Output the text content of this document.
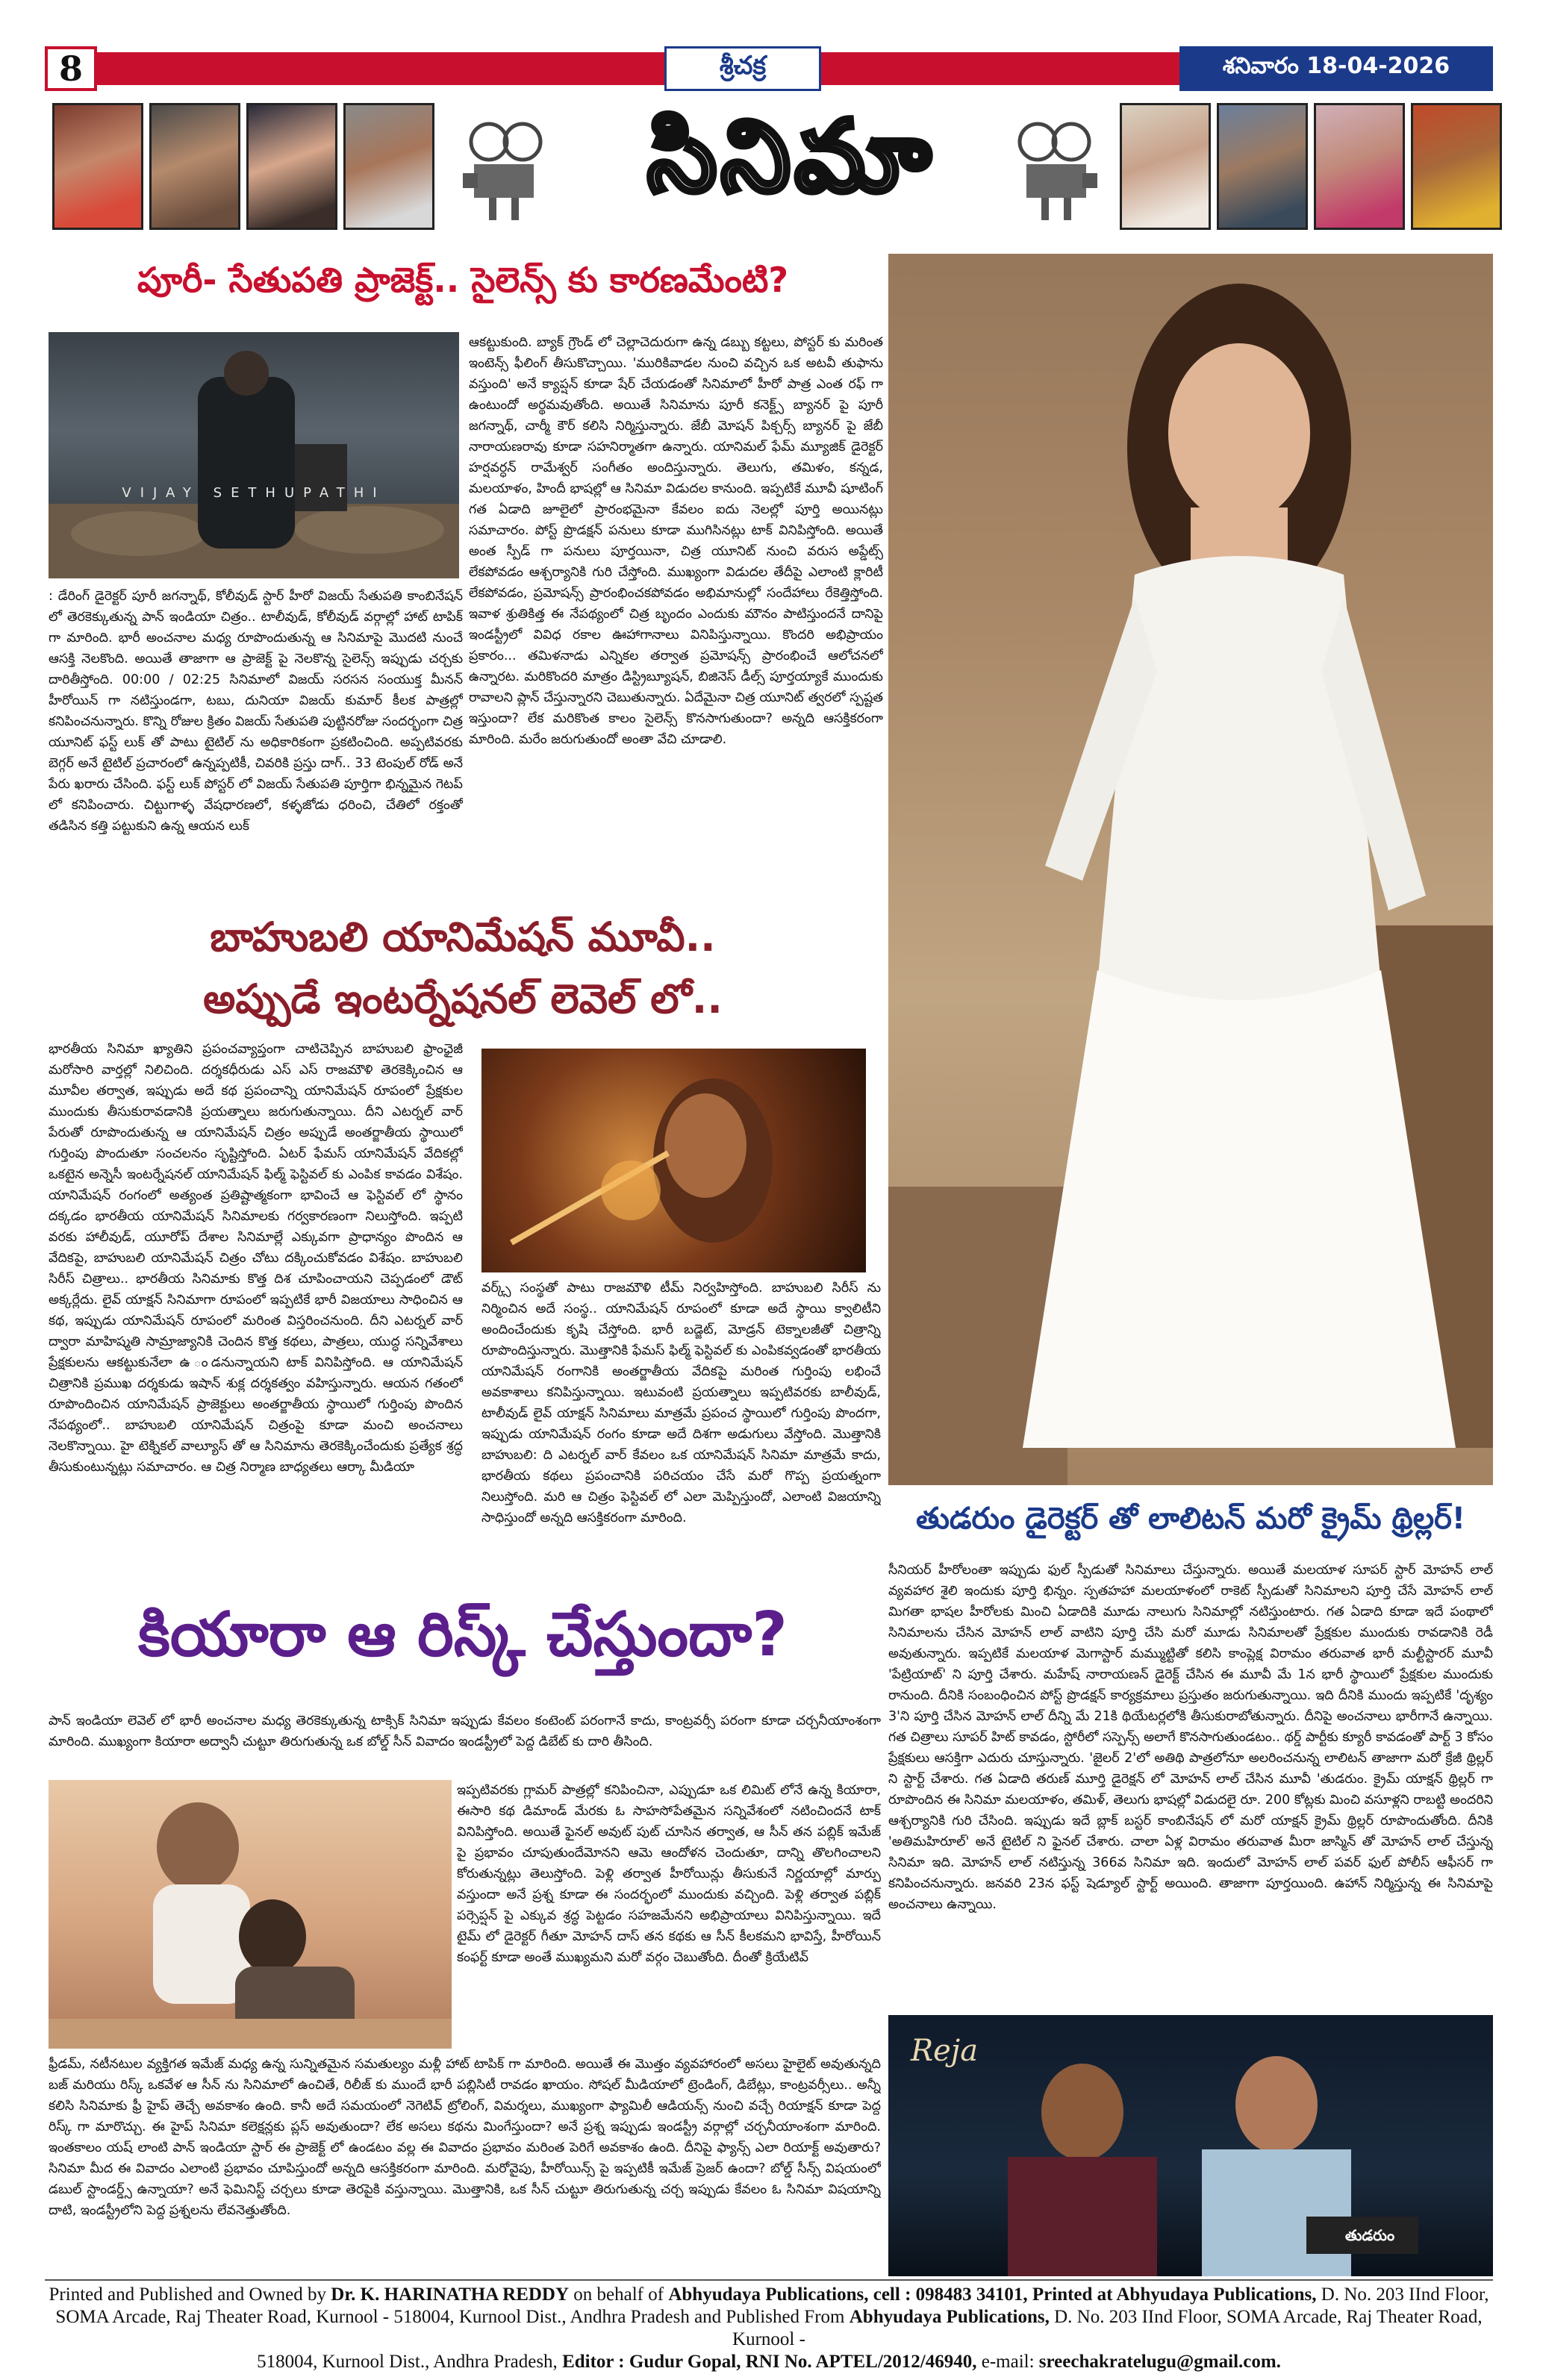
8	శ్రీచక్ర	శనివారం 18-04-2026
సినిమా
పూరీ- సేతుపతి ప్రాజెక్ట్.. సైలెన్స్ కు కారణమేంటి?
VIJAY SETHUPATHI
: డేరింగ్ డైరెక్టర్ పూరీ జగన్నాథ్, కోలీవుడ్ స్టార్ హీరో విజయ్ సేతుపతి కాంబినేషన్ లో తెరకెక్కుతున్న పాన్ ఇండియా చిత్రం.. టాలీవుడ్, కోలీవుడ్ వర్గాల్లో హాట్ టాపిక్ గా మారింది. భారీ అంచనాల మధ్య రూపొందుతున్న ఆ సినిమాపై మొదటి నుంచే ఆసక్తి నెలకొంది. అయితే తాజాగా ఆ ప్రాజెక్ట్ పై నెలకొన్న సైలెన్స్ ఇప్పుడు చర్చకు దారితీస్తోంది. 00:00 / 02:25 సినిమాలో విజయ్ సరసన సంయుక్త మీనన్ హీరోయిన్ గా నటిస్తుండగా, టబు, దునియా విజయ్ కుమార్ కీలక పాత్రల్లో కనిపించనున్నారు. కొన్ని రోజుల క్రితం విజయ్ సేతుపతి పుట్టినరోజు సందర్భంగా చిత్ర యూనిట్ ఫస్ట్ లుక్ తో పాటు టైటిల్ ను అధికారికంగా ప్రకటించింది. అప్పటివరకు బెగ్గర్ అనే టైటిల్ ప్రచారంలో ఉన్నప్పటికీ, చివరికి ప్రస్తు దాగ్.. 33 టెంపుల్ రోడ్ అనే పేరు ఖరారు చేసింది. ఫస్ట్ లుక్ పోస్టర్ లో విజయ్ సేతుపతి పూర్తిగా భిన్నమైన గెటప్ లో కనిపించారు. చిట్టుగాళ్ళ వేషధారణలో, కళ్ళజోడు ధరించి, చేతిలో రక్తంతో తడిసిన కత్తి పట్టుకుని ఉన్న ఆయన లుక్
ఆకట్టుకుంది. బ్యాక్ గ్రౌండ్ లో చెల్లాచెదురుగా ఉన్న డబ్బు కట్టలు, పోస్టర్ కు మరింత ఇంటెన్స్ ఫీలింగ్ తీసుకొచ్చాయి. 'మురికివాడల నుంచి వచ్చిన ఒక అటవీ తుఫాను వస్తుంది' అనే క్యాప్షన్ కూడా షేర్ చేయడంతో సినిమాలో హీరో పాత్ర ఎంత రఫ్ గా ఉంటుందో అర్థమవుతోంది. అయితే సినిమాను పూరీ కనెక్ట్స్ బ్యానర్ పై పూరీ జగన్నాథ్, చార్మీ కౌర్ కలిసి నిర్మిస్తున్నారు. జేబీ మోషన్ పిక్చర్స్ బ్యానర్ పై జేబీ నారాయణరావు కూడా సహనిర్మాతగా ఉన్నారు. యానిమల్ ఫేమ్ మ్యూజిక్ డైరెక్టర్ హర్షవర్ధన్ రామేశ్వర్ సంగీతం అందిస్తున్నారు. తెలుగు, తమిళం, కన్నడ, మలయాళం, హిందీ భాషల్లో ఆ సినిమా విడుదల కానుంది. ఇప్పటికే మూవీ షూటింగ్ గత ఏడాది జూలైలో ప్రారంభమైనా కేవలం ఐదు నెలల్లో పూర్తి అయినట్లు సమాచారం. పోస్ట్ ప్రొడక్షన్ పనులు కూడా ముగిసినట్లు టాక్ వినిపిస్తోంది. అయితే అంత స్పీడ్ గా పనులు పూర్తయినా, చిత్ర యూనిట్ నుంచి వరుస అప్డేట్స్ లేకపోవడం ఆశ్చర్యానికి గురి చేస్తోంది. ముఖ్యంగా విడుదల తేదీపై ఎలాంటి క్లారిటీ లేకపోవడం, ప్రమోషన్స్ ప్రారంభించకపోవడం అభిమానుల్లో సందేహాలు రేకెత్తిస్తోంది. ఇవాళ శ్రుతికిత్త ఈ నేపథ్యంలో చిత్ర బృందం ఎందుకు మౌనం పాటిస్తుందనే దానిపై ఇండస్ట్రీలో వివిధ రకాల ఊహాగానాలు వినిపిస్తున్నాయి. కొందరి అభిప్రాయం ప్రకారం... తమిళనాడు ఎన్నికల తర్వాత ప్రమోషన్స్ ప్రారంభించే ఆలోచనలో ఉన్నారట. మరికొందరి మాత్రం డిస్ట్రిబ్యూషన్, బిజినెస్ డీల్స్ పూర్తయ్యాకే ముందుకు రావాలని ప్లాన్ చేస్తున్నారని చెబుతున్నారు. ఏదేమైనా చిత్ర యూనిట్ త్వరలో స్పష్టత ఇస్తుందా? లేక మరికొంత కాలం సైలెన్స్ కొనసాగుతుందా? అన్నది ఆసక్తికరంగా మారింది. మరేం జరుగుతుందో అంతా వేచి చూడాలి.
బాహుబలి యానిమేషన్ మూవీ..
అప్పుడే ఇంటర్నేషనల్ లెవెల్ లో..
భారతీయ సినిమా ఖ్యాతిని ప్రపంచవ్యాప్తంగా చాటిచెప్పిన బాహుబలి ఫ్రాంఛైజీ మరోసారి వార్తల్లో నిలిచింది. దర్శకధీరుడు ఎస్ ఎస్ రాజమౌళి తెరకెక్కించిన ఆ మూవీల తర్వాత, ఇప్పుడు అదే కథ ప్రపంచాన్ని యానిమేషన్ రూపంలో ప్రేక్షకుల ముందుకు తీసుకురావడానికి ప్రయత్నాలు జరుగుతున్నాయి. దీని ఎటర్నల్ వార్ పేరుతో రూపొందుతున్న ఆ యానిమేషన్ చిత్రం అప్పుడే అంతర్జాతీయ స్థాయిలో గుర్తింపు పొందుతూ సంచలనం సృష్టిస్తోంది. ఏటర్ ఫేమస్ యానిమేషన్ వేదికల్లో ఒకటైన అన్నెసీ ఇంటర్నేషనల్ యానిమేషన్ ఫిల్మ్ ఫెస్టివల్ కు ఎంపిక కావడం విశేషం. యానిమేషన్ రంగంలో అత్యంత ప్రతిష్టాత్మకంగా భావించే ఆ ఫెస్టివల్ లో స్థానం దక్కడం భారతీయ యానిమేషన్ సినిమాలకు గర్వకారణంగా నిలుస్తోంది. ఇప్పటి వరకు హాలీవుడ్, యూరోప్ దేశాల సినిమాల్లే ఎక్కువగా ప్రాధాన్యం పొందిన ఆ వేదికపై, బాహుబలి యానిమేషన్ చిత్రం చోటు దక్కించుకోవడం విశేషం. బాహుబలి సిరీస్ చిత్రాలు.. భారతీయ సినిమాకు కొత్త దిశ చూపించాయని చెప్పడంలో డౌట్ అక్కర్లేదు. లైవ్ యాక్షన్ సినిమాగా రూపంలో ఇప్పటికే భారీ విజయాలు సాధించిన ఆ కథ, ఇప్పుడు యానిమేషన్ రూపంలో మరింత విస్తరించనుంది. దీని ఎటర్నల్ వార్ ద్వారా మాహిష్మతి సామ్రాజ్యానికి చెందిన కొత్త కథలు, పాత్రలు, యుద్ధ సన్నివేశాలు ప్రేక్షకులను ఆకట్టుకునేలా ఉ ండనున్నాయని టాక్ వినిపిస్తోంది. ఆ యానిమేషన్ చిత్రానికి ప్రముఖ దర్శకుడు ఇషాన్ శుక్ల దర్శకత్వం వహిస్తున్నారు. ఆయన గతంలో రూపొందించిన యానిమేషన్ ప్రాజెక్టులు అంతర్జాతీయ స్థాయిలో గుర్తింపు పొందిన నేపథ్యంలో.. బాహుబలి యానిమేషన్ చిత్రంపై కూడా మంచి అంచనాలు నెలకొన్నాయి. హై టెక్నికల్ వాల్యూస్ తో ఆ సినిమాను తెరకెక్కించేందుకు ప్రత్యేక శ్రద్ధ తీసుకుంటున్నట్లు సమాచారం. ఆ చిత్ర నిర్మాణ బాధ్యతలు ఆర్కా మీడియా
వర్క్స్ సంస్థతో పాటు రాజమౌళి టీమ్ నిర్వహిస్తోంది. బాహుబలి సిరీస్ ను నిర్మించిన అదే సంస్థ.. యానిమేషన్ రూపంలో కూడా అదే స్థాయి క్వాలిటీని అందించేందుకు కృషి చేస్తోంది. భారీ బడ్జెట్, మోడ్రన్ టెక్నాలజీతో చిత్రాన్ని రూపొందిస్తున్నారు. మొత్తానికి ఫేమస్ ఫిల్మ్ ఫెస్టివల్ కు ఎంపికవ్వడంతో భారతీయ యానిమేషన్ రంగానికి అంతర్జాతీయ వేదికపై మరింత గుర్తింపు లభించే అవకాశాలు కనిపిస్తున్నాయి. ఇటువంటి ప్రయత్నాలు ఇప్పటివరకు బాలీవుడ్, టాలీవుడ్ లైవ్ యాక్షన్ సినిమాలు మాత్రమే ప్రపంచ స్థాయిలో గుర్తింపు పొందగా, ఇప్పుడు యానిమేషన్ రంగం కూడా అదే దిశగా అడుగులు వేస్తోంది. మొత్తానికి బాహుబలి: ది ఎటర్నల్ వార్ కేవలం ఒక యానిమేషన్ సినిమా మాత్రమే కాదు, భారతీయ కథలు ప్రపంచానికి పరిచయం చేసే మరో గొప్ప ప్రయత్నంగా నిలుస్తోంది. మరి ఆ చిత్రం ఫెస్టివల్ లో ఎలా మెప్పిస్తుందో, ఎలాంటి విజయాన్ని సాధిస్తుందో అన్నది ఆసక్తికరంగా మారింది.	తుడరుం డైరెక్టర్ తో లాలిటన్ మరో క్రైమ్ థ్రిల్లర్!
సీనియర్ హీరోలంతా ఇప్పుడు ఫుల్ స్పీడుతో సినిమాలు చేస్తున్నారు. అయితే మలయాళ సూపర్ స్టార్ మోహన్ లాల్ వ్యవహార శైలి ఇందుకు పూర్తి భిన్నం. స్పతహహా మలయాళంలో రాకెట్ స్పీడుతో సినిమాలని పూర్తి చేసే మోహన్ లాల్ మిగతా భాషల హీరోలకు మించి ఏడాదికి మూడు నాలుగు సినిమాల్లో నటిస్తుంటారు. గత ఏడాది కూడా ఇదే పంథాలో సినిమాలను చేసిన మోహన్ లాల్ వాటిని పూర్తి చేసి మరో మూడు సినిమాలతో ప్రేక్షకుల ముందుకు రావడానికి రెడీ అవుతున్నారు. ఇప్పటికే మలయాళ మెగాస్టార్ మమ్ముట్టితో కలిసి కాంప్లెక్ష విరామం తరువాత భారీ మల్టీస్టారర్ మూవీ 'పేట్రియాట్' ని పూర్తి చేశారు. మహేష్ నారాయణన్ డైరెక్ట్ చేసిన ఈ మూవీ మే 1న భారీ స్థాయిలో ప్రేక్షకుల ముందుకు రానుంది. దీనికి సంబంధించిన పోస్ట్ ప్రొడక్షన్ కార్యక్రమాలు ప్రస్తుతం జరుగుతున్నాయి. ఇది దీనికి ముందు ఇప్పటికే 'దృశ్యం 3'ని పూర్తి చేసిన మోహన్ లాల్ దీన్ని మే 21కి థియేటర్లలోకి తీసుకురాబోతున్నారు. దీనిపై అంచనాలు భారీగానే ఉన్నాయి. గత చిత్రాలు సూపర్ హిట్ కావడం, స్టోరీలో సస్పెన్స్ అలాగే కొనసాగుతుండటం.. థర్డ్ పార్టీకు క్యూరీ కావడంతో పార్ట్ 3 కోసం ప్రేక్షకులు ఆసక్తిగా ఎదురు చూస్తున్నారు. 'జైలర్ 2'లో అతిథి పాత్రలోనూ అలరించనున్న లాలిటన్ తాజాగా మరో క్రేజీ థ్రిల్లర్ ని స్టార్ట్ చేశారు. గత ఏడాది తరుణ్ మూర్తి డైరెక్షన్ లో మోహన్ లాల్ చేసిన మూవీ 'తుడరుం. క్రైమ్ యాక్షన్ థ్రిల్లర్ గా రూపొందిన ఈ సినిమా మలయాళం, తమిళ్, తెలుగు భాషల్లో విడుదలై రూ. 200 కోట్లకు మించి వసూళ్లని రాబట్టి అందరిని ఆశ్చర్యానికి గురి చేసింది. ఇప్పుడు ఇదే బ్లాక్ బస్టర్ కాంబినేషన్ లో మరో యాక్షన్ క్రైమ్ థ్రిల్లర్ రూపొందుతోంది. దీనికి 'అతిమహిరూల్' అనే టైటిల్ ని ఫైనల్ చేశారు. చాలా ఏళ్ల విరామం తరువాత మీరా జాస్మిన్ తో మోహన్ లాల్ చేస్తున్న సినిమా ఇది. మోహన్ లాల్ నటిస్తున్న 366వ సినిమా ఇది. ఇందులో మోహన్ లాల్ పవర్ ఫుల్ పోలీస్ ఆఫీసర్ గా కనిపించనున్నారు. జనవరి 23న ఫస్ట్ షెడ్యూల్ స్టార్ట్ అయింది. తాజాగా పూర్తయింది. ఉహాన్ నిర్మిస్తున్న ఈ సినిమాపై అంచనాలు ఉన్నాయి.
Reja
తుడరుం
కియారా ఆ రిస్క్ చేస్తుందా?
పాన్ ఇండియా లెవెల్ లో భారీ అంచనాల మధ్య తెరకెక్కుతున్న టాక్సిక్ సినిమా ఇప్పుడు కేవలం కంటెంట్ పరంగానే కాదు, కాంట్రవర్సీ పరంగా కూడా చర్చనీయాంశంగా మారింది. ముఖ్యంగా కియారా అద్వానీ చుట్టూ తిరుగుతున్న ఒక బోల్డ్ సీన్ వివాదం ఇండస్ట్రీలో పెద్ద డిబేట్ కు దారి తీసింది.
ఇప్పటివరకు గ్లామర్ పాత్రల్లో కనిపించినా, ఎప్పుడూ ఒక లిమిట్ లోనే ఉన్న కియారా, ఈసారి కథ డిమాండ్ మేరకు ఓ సాహసోపేతమైన సన్నివేశంలో నటించిందనే టాక్ వినిపిస్తోంది. అయితే ఫైనల్ అవుట్ పుట్ చూసిన తర్వాత, ఆ సీన్ తన పబ్లిక్ ఇమేజ్ పై ప్రభావం చూపుతుందేమోనని ఆమె ఆందోళన చెందుతూ, దాన్ని తొలగించాలని కోరుతున్నట్లు తెలుస్తోంది. పెళ్లి తర్వాత హీరోయిన్లు తీసుకునే నిర్ణయాల్లో మార్పు వస్తుందా అనే ప్రశ్న కూడా ఈ సందర్భంలో ముందుకు వచ్చింది. పెళ్లి తర్వాత పబ్లిక్ పర్సెప్షన్ పై ఎక్కువ శ్రద్ధ పెట్టడం సహజమేనని అభిప్రాయాలు వినిపిస్తున్నాయి. ఇదే టైమ్ లో డైరెక్టర్ గీతూ మోహన్ దాస్ తన కథకు ఆ సీన్ కీలకమని భావిస్తే, హీరోయిన్ కంఫర్ట్ కూడా అంతే ముఖ్యమని మరో వర్గం చెబుతోంది. దీంతో క్రియేటివ్
ఫ్రీడమ్, నటీనటుల వ్యక్తిగత ఇమేజ్ మధ్య ఉన్న సున్నితమైన సమతుల్యం మళ్లీ హాట్ టాపిక్ గా మారింది. అయితే ఈ మొత్తం వ్యవహారంలో అసలు హైలైట్ అవుతున్నది బజ్ మరియు రిస్క్ ఒకవేళ ఆ సీన్ ను సినిమాలో ఉంచితే, రిలీజ్ కు ముందే భారీ పబ్లిసిటీ రావడం ఖాయం. సోషల్ మీడియాలో ట్రెండింగ్, డిబేట్లు, కాంట్రవర్సీలు.. అన్నీ కలిసి సినిమాకు ఫ్రీ హైప్ తెచ్చే అవకాశం ఉంది. కానీ అదే సమయంలో నెగెటివ్ ట్రోలింగ్, విమర్శలు, ముఖ్యంగా ఫ్యామిలీ ఆడియన్స్ నుంచి వచ్చే రియాక్షన్ కూడా పెద్ద రిస్క్ గా మారొచ్చు. ఈ హైప్ సినిమా కలెక్షన్లకు ప్లస్ అవుతుందా? లేక అసలు కథను మింగేస్తుందా? అనే ప్రశ్న ఇప్పుడు ఇండస్ట్రీ వర్గాల్లో చర్చనీయాంశంగా మారింది. ఇంతకాలం యష్ లాంటి పాన్ ఇండియా స్టార్ ఈ ప్రాజెక్ట్ లో ఉండటం వల్ల ఈ వివాదం ప్రభావం మరింత పెరిగే అవకాశం ఉంది. దీనిపై ఫ్యాన్స్ ఎలా రియాక్ట్ అవుతారు? సినిమా మీద ఈ వివాదం ఎలాంటి ప్రభావం చూపిస్తుందో అన్నది ఆసక్తికరంగా మారింది. మరోవైపు, హీరోయిన్స్ పై ఇప్పటికీ ఇమేజ్ ప్రెజర్ ఉందా? బోల్డ్ సీన్స్ విషయంలో డబుల్ స్టాండర్డ్స్ ఉన్నాయా? అనే ఫెమినిస్ట్ చర్చలు కూడా తెరపైకి వస్తున్నాయి. మొత్తానికి, ఒక సీన్ చుట్టూ తిరుగుతున్న చర్చ ఇప్పుడు కేవలం ఓ సినిమా విషయాన్ని దాటి, ఇండస్ట్రీలోని పెద్ద ప్రశ్నలను లేవనెత్తుతోంది.
Printed and Published and Owned by Dr. K. HARINATHA REDDY on behalf of Abhyudaya Publications, cell : 098483 34101, Printed at Abhyudaya Publications, D. No. 203 IInd Floor,
SOMA Arcade, Raj Theater Road, Kurnool - 518004, Kurnool Dist., Andhra Pradesh and Published From Abhyudaya Publications, D. No. 203 IInd Floor, SOMA Arcade, Raj Theater Road, Kurnool -
518004, Kurnool Dist., Andhra Pradesh, Editor : Gudur Gopal, RNI No. APTEL/2012/46940, e-mail: sreechakratelugu@gmail.com.
